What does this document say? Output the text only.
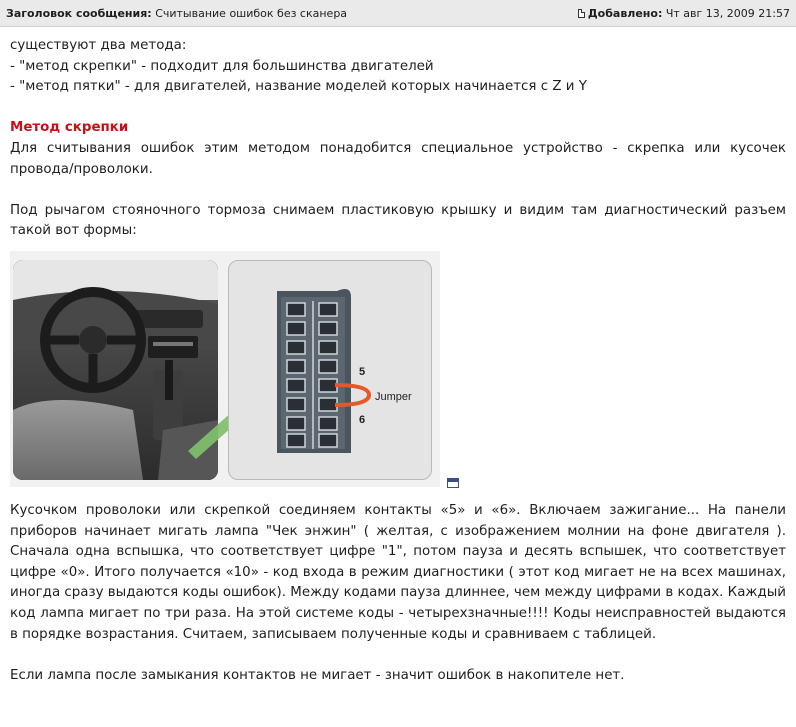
Заголовок сообщения: Считывание ошибок без сканера	Добавлено: Чт авг 13, 2009 21:57

существуют два метода:

- "метод скрепки" - подходит для большинства двигателей

- "метод пятки" - для двигателей, название моделей которых начинается с Z и Y

Метод скрепки

Для считывания ошибок этим методом понадобится специальное устройство - скрепка или кусочек провода/проволоки.

Под рычагом стояночного тормоза снимаем пластиковую крышку и видим там диагностический разъем такой вот формы:

5
6
Jumper

Кусочком проволоки или скрепкой соединяем контакты «5» и «6». Включаем зажигание... На панели приборов начинает мигать лампа "Чек энжин" ( желтая, с изображением молнии на фоне двигателя ). Сначала одна вспышка, что соответствует цифре "1", потом пауза и десять вспышек, что соответствует цифре «0». Итого получается «10» - код входа в режим диагностики ( этот код мигает не на всех машинах, иногда сразу выдаются коды ошибок). Между кодами пауза длиннее, чем между цифрами в кодах. Каждый код лампа мигает по три раза. На этой системе коды - четырехзначные!!!! Коды неисправностей выдаются в порядке возрастания. Считаем, записываем полученные коды и сравниваем с таблицей.

Если лампа после замыкания контактов не мигает - значит ошибок в накопителе нет.
